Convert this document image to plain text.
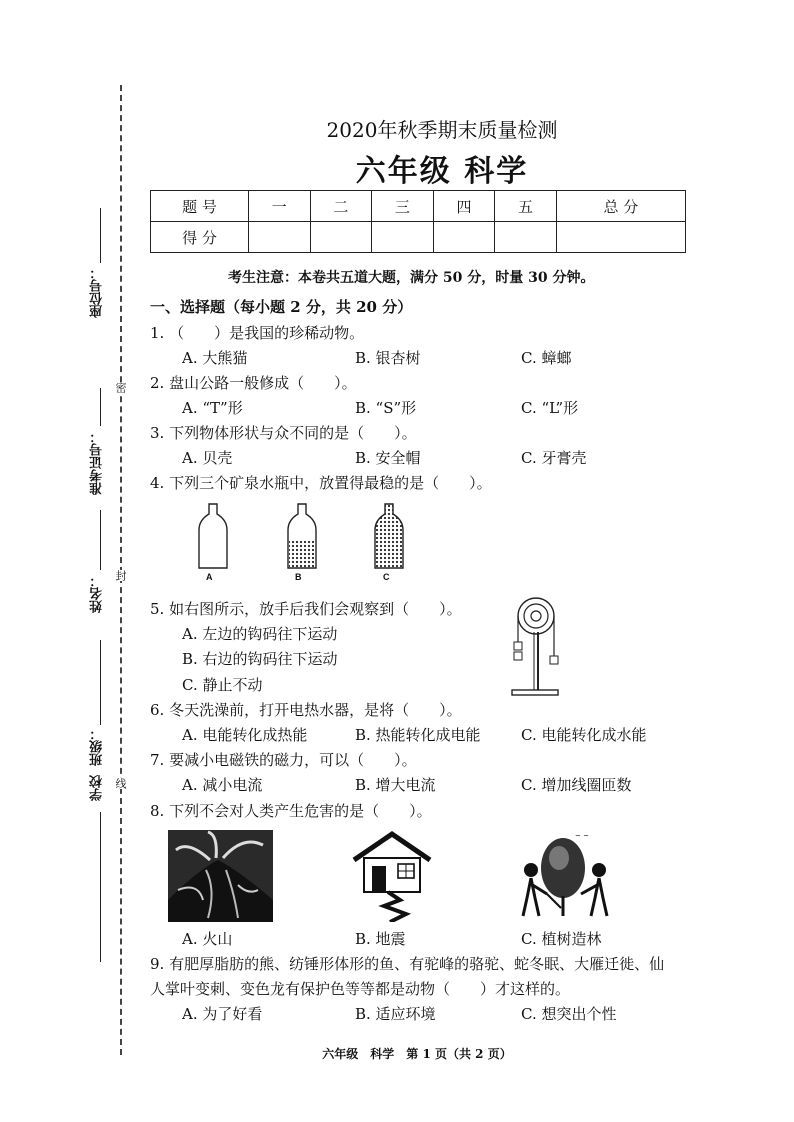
座位号：
准考证号：
姓名：
班级：
学校
密
封
线
2020年秋季期末质量检测
六年级 科学
题 号	一	二	三	四	五	总 分
得 分						
考生注意：本卷共五道大题，满分 50 分，时量 30 分钟。
一、选择题（每小题 2 分，共 20 分）
1. （　　）是我国的珍稀动物。
A. 大熊猫	B. 银杏树	C. 蟑螂
2. 盘山公路一般修成（　　）。
A. “T”形	B. “S”形	C. “L”形
3. 下列物体形状与众不同的是（　　）。
A. 贝壳	B. 安全帽	C. 牙膏壳
4. 下列三个矿泉水瓶中，放置得最稳的是（　　）。
A	B	C
5. 如右图所示，放手后我们会观察到（　　）。
A. 左边的钩码往下运动
B. 右边的钩码往下运动
C. 静止不动
6. 冬天洗澡前，打开电热水器，是将（　　）。
A. 电能转化成热能	B. 热能转化成电能	C. 电能转化成水能
7. 要减小电磁铁的磁力，可以（　　）。
A. 减小电流	B. 增大电流	C. 增加线圈匝数
8. 下列不会对人类产生危害的是（　　）。
~ ~
A. 火山	B. 地震	C. 植树造林
9. 有肥厚脂肪的熊、纺锤形体形的鱼、有驼峰的骆驼、蛇冬眠、大雁迁徙、仙
人掌叶变刺、变色龙有保护色等等都是动物（　　）才这样的。
A. 为了好看	B. 适应环境	C. 想突出个性
六年级　科学　第 1 页（共 2 页）
